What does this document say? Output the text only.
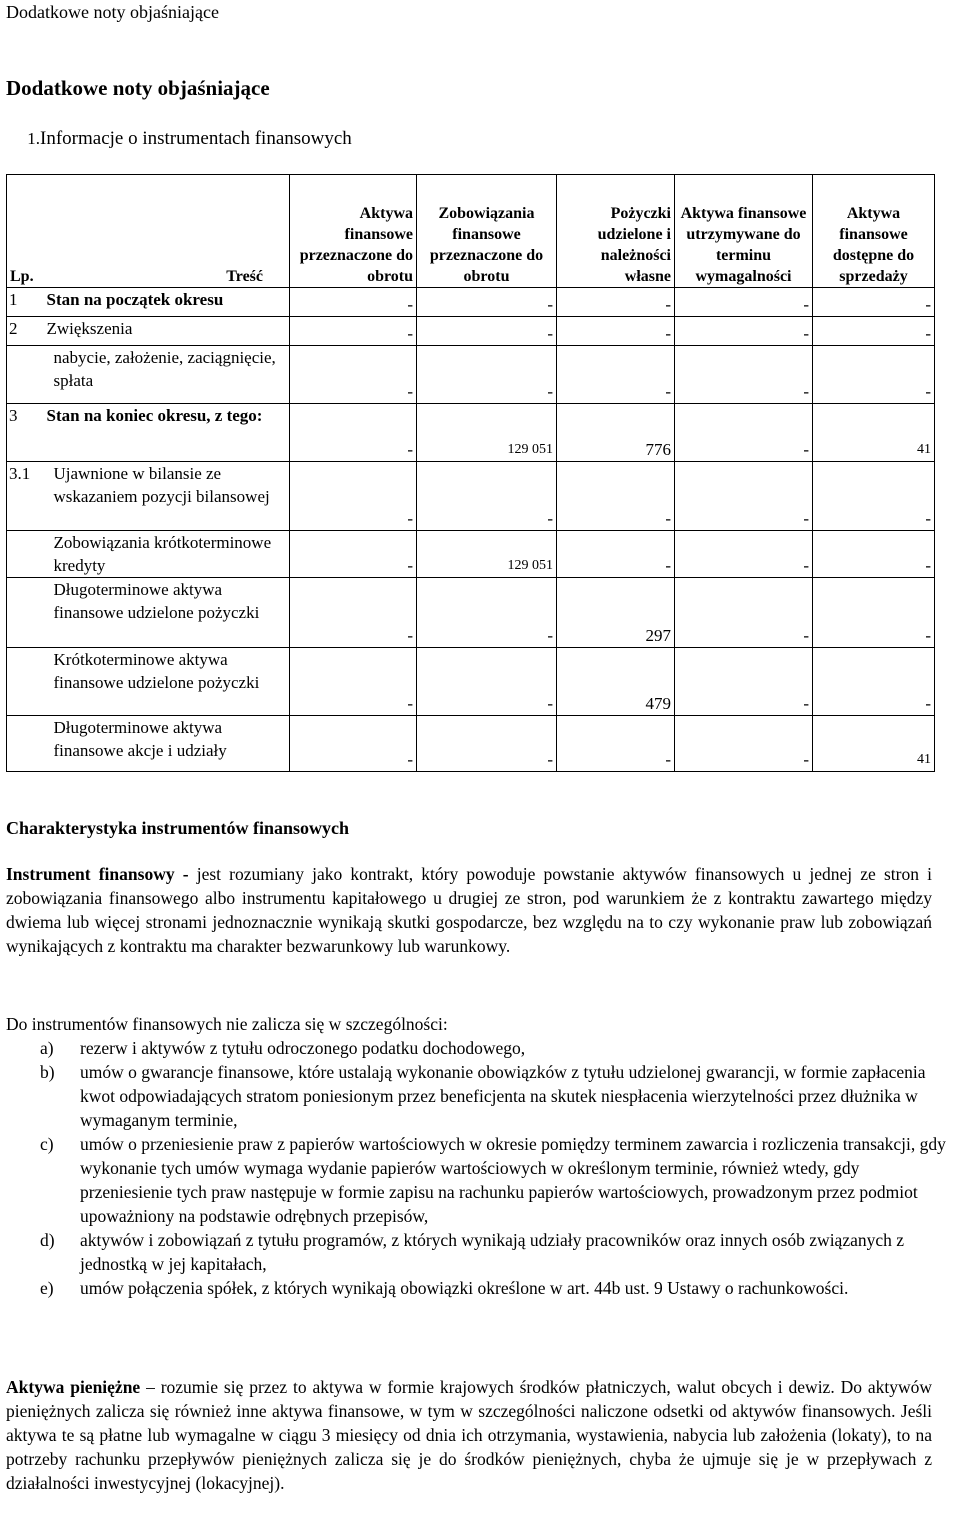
Dodatkowe noty objaśniające
Dodatkowe noty objaśniające
1.Informacje o instrumentach finansowych
Lp.	Treść	Aktywa finansowe przeznaczone do obrotu	Zobowiązania finansowe przeznaczone do obrotu	Pożyczki udzielone i należności własne	Aktywa finansowe utrzymywane do terminu wymagalności	Aktywa finansowe dostępne do sprzedaży
1	Stan na początek okresu	-	-	-	-	-
2	Zwiększenia	-	-	-	-	-
	nabycie, założenie, zaciągnięcie, spłata	-	-	-	-	-
3	Stan na koniec okresu, z tego:	-	129 051	776	-	41
3.1	Ujawnione w bilansie ze wskazaniem pozycji bilansowej	-	-	-	-	-
	Zobowiązania krótkoterminowe kredyty	-	129 051	-	-	-
	Długoterminowe aktywa finansowe udzielone pożyczki	-	-	297	-	-
	Krótkoterminowe aktywa finansowe udzielone pożyczki	-	-	479	-	-
	Długoterminowe aktywa finansowe akcje i udziały	-	-	-	-	41
Charakterystyka instrumentów finansowych
Instrument finansowy - jest rozumiany jako kontrakt, który powoduje powstanie aktywów finansowych u jednej ze stron i zobowiązania finansowego albo instrumentu kapitałowego u drugiej ze stron, pod warunkiem że z kontraktu zawartego między dwiema lub więcej stronami jednoznacznie wynikają skutki gospodarcze, bez względu na to czy wykonanie praw lub zobowiązań wynikających z kontraktu ma charakter bezwarunkowy lub warunkowy.
Do instrumentów finansowych nie zalicza się w szczególności:
a)	rezerw i aktywów z tytułu odroczonego podatku dochodowego,
b)	umów o gwarancje finansowe, które ustalają wykonanie obowiązków z tytułu udzielonej gwarancji, w formie zapłacenia kwot odpowiadających stratom poniesionym przez beneficjenta na skutek niespłacenia wierzytelności przez dłużnika w wymaganym terminie,
c)	umów o przeniesienie praw z papierów wartościowych w okresie pomiędzy terminem zawarcia i rozliczenia transakcji, gdy wykonanie tych umów wymaga wydanie papierów wartościowych w określonym terminie, również wtedy, gdy przeniesienie tych praw następuje w formie zapisu na rachunku papierów wartościowych, prowadzonym przez podmiot upoważniony na podstawie odrębnych przepisów,
d)	aktywów i zobowiązań z tytułu programów, z których wynikają udziały pracowników oraz innych osób związanych z jednostką w jej kapitałach,
e)	umów połączenia spółek, z których wynikają obowiązki określone w art. 44b ust. 9 Ustawy o rachunkowości.
Aktywa pieniężne – rozumie się przez to aktywa w formie krajowych środków płatniczych, walut obcych i dewiz. Do aktywów pieniężnych zalicza się również inne aktywa finansowe, w tym w szczególności naliczone odsetki od aktywów finansowych. Jeśli aktywa te są płatne lub wymagalne w ciągu 3 miesięcy od dnia ich otrzymania, wystawienia, nabycia lub założenia (lokaty), to na potrzeby rachunku przepływów pieniężnych zalicza się je do środków pieniężnych, chyba że ujmuje się je w przepływach z działalności inwestycyjnej (lokacyjnej).
